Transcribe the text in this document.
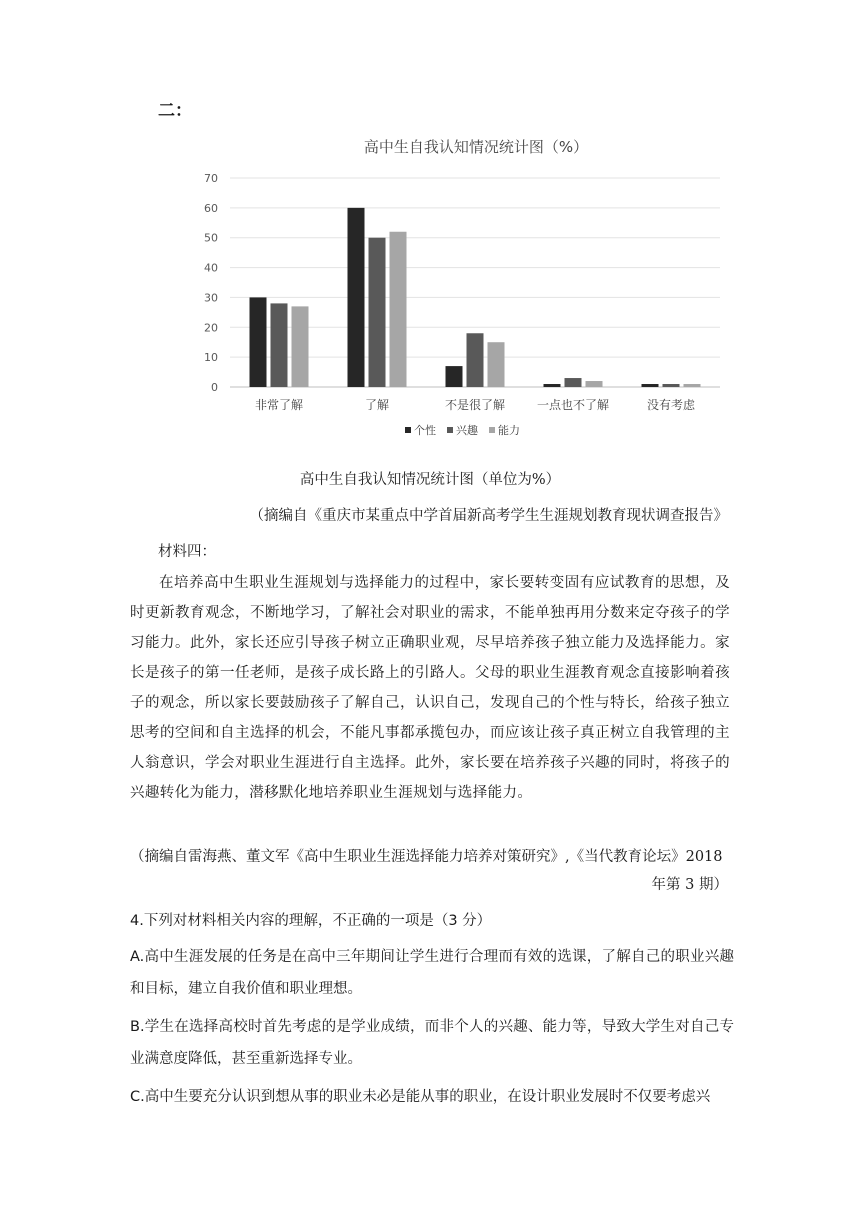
二：
高中生自我认知情况统计图（%）
0
10
20
30
40
50
60
70
非常了解	了解	不是很了解	一点也不了解	没有考虑
个性 兴趣 能力
高中生自我认知情况统计图（单位为%）
（摘编自《重庆市某重点中学首届新高考学生生涯规划教育现状调查报告》
材料四：
在培养高中生职业生涯规划与选择能力的过程中，家长要转变固有应试教育的思想，及时更新教育观念，不断地学习，了解社会对职业的需求，不能单独再用分数来定夺孩子的学习能力。此外，家长还应引导孩子树立正确职业观，尽早培养孩子独立能力及选择能力。家长是孩子的第一任老师，是孩子成长路上的引路人。父母的职业生涯教育观念直接影响着孩子的观念，所以家长要鼓励孩子了解自己，认识自己，发现自己的个性与特长，给孩子独立思考的空间和自主选择的机会，不能凡事都承揽包办，而应该让孩子真正树立自我管理的主人翁意识，学会对职业生涯进行自主选择。此外，家长要在培养孩子兴趣的同时，将孩子的兴趣转化为能力，潜移默化地培养职业生涯规划与选择能力。
（摘编自雷海燕、董文军《高中生职业生涯选择能力培养对策研究》,《当代教育论坛》2018
年第 3 期）
4.下列对材料相关内容的理解，不正确的一项是（3 分）
A.高中生涯发展的任务是在高中三年期间让学生进行合理而有效的选课，了解自己的职业兴趣和目标，建立自我价值和职业理想。
B.学生在选择高校时首先考虑的是学业成绩，而非个人的兴趣、能力等，导致大学生对自己专业满意度降低，甚至重新选择专业。
C.高中生要充分认识到想从事的职业未必是能从事的职业，在设计职业发展时不仅要考虑兴
